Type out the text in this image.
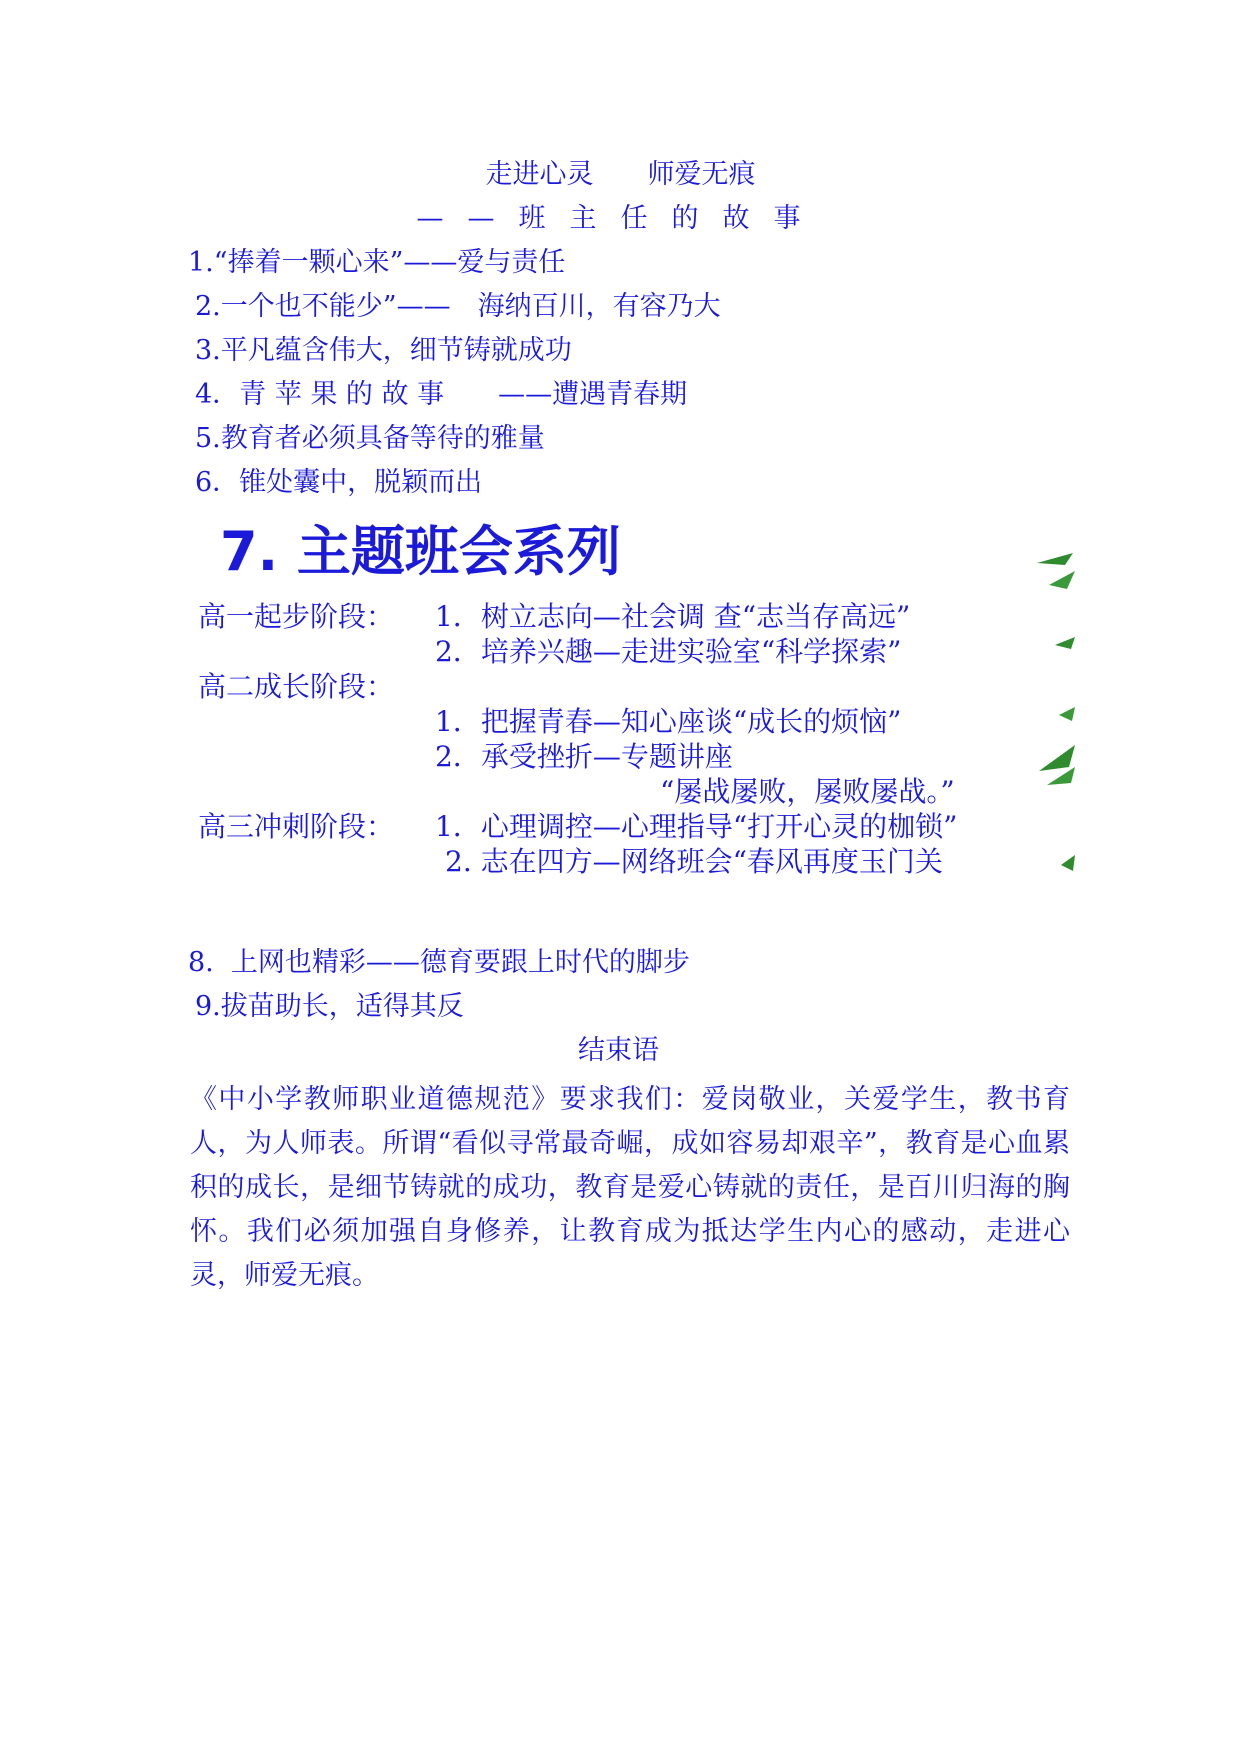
走进心灵　　师爱无痕
——班主任的故事
1.“捧着一颗心来”——爱与责任
2.一个也不能少”——　海纳百川，有容乃大
3.平凡蕴含伟大，细节铸就成功
4．青 苹 果 的 故 事　　——遭遇青春期
5.教育者必须具备等待的雅量
6．锥处囊中，脱颖而出
7. 主题班会系列
高一起步阶段： 1．树立志向—社会调 查“志当存高远”
2．培养兴趣—走进实验室“科学探索”
高二成长阶段：
1．把握青春—知心座谈“成长的烦恼”
2．承受挫折—专题讲座
“屡战屡败，屡败屡战。”
高三冲刺阶段： 1．心理调控—心理指导“打开心灵的枷锁”
2. 志在四方—网络班会“春风再度玉门关
8.  上网也精彩——德育要跟上时代的脚步
9.拔苗助长，适得其反
结束语
《中小学教师职业道德规范》要求我们：爱岗敬业，关爱学生，教书育人，为人师表。所谓“看似寻常最奇崛，成如容易却艰辛”，教育是心血累积的成长，是细节铸就的成功，教育是爱心铸就的责任，是百川归海的胸怀。我们必须加强自身修养，让教育成为抵达学生内心的感动，走进心灵，师爱无痕。
